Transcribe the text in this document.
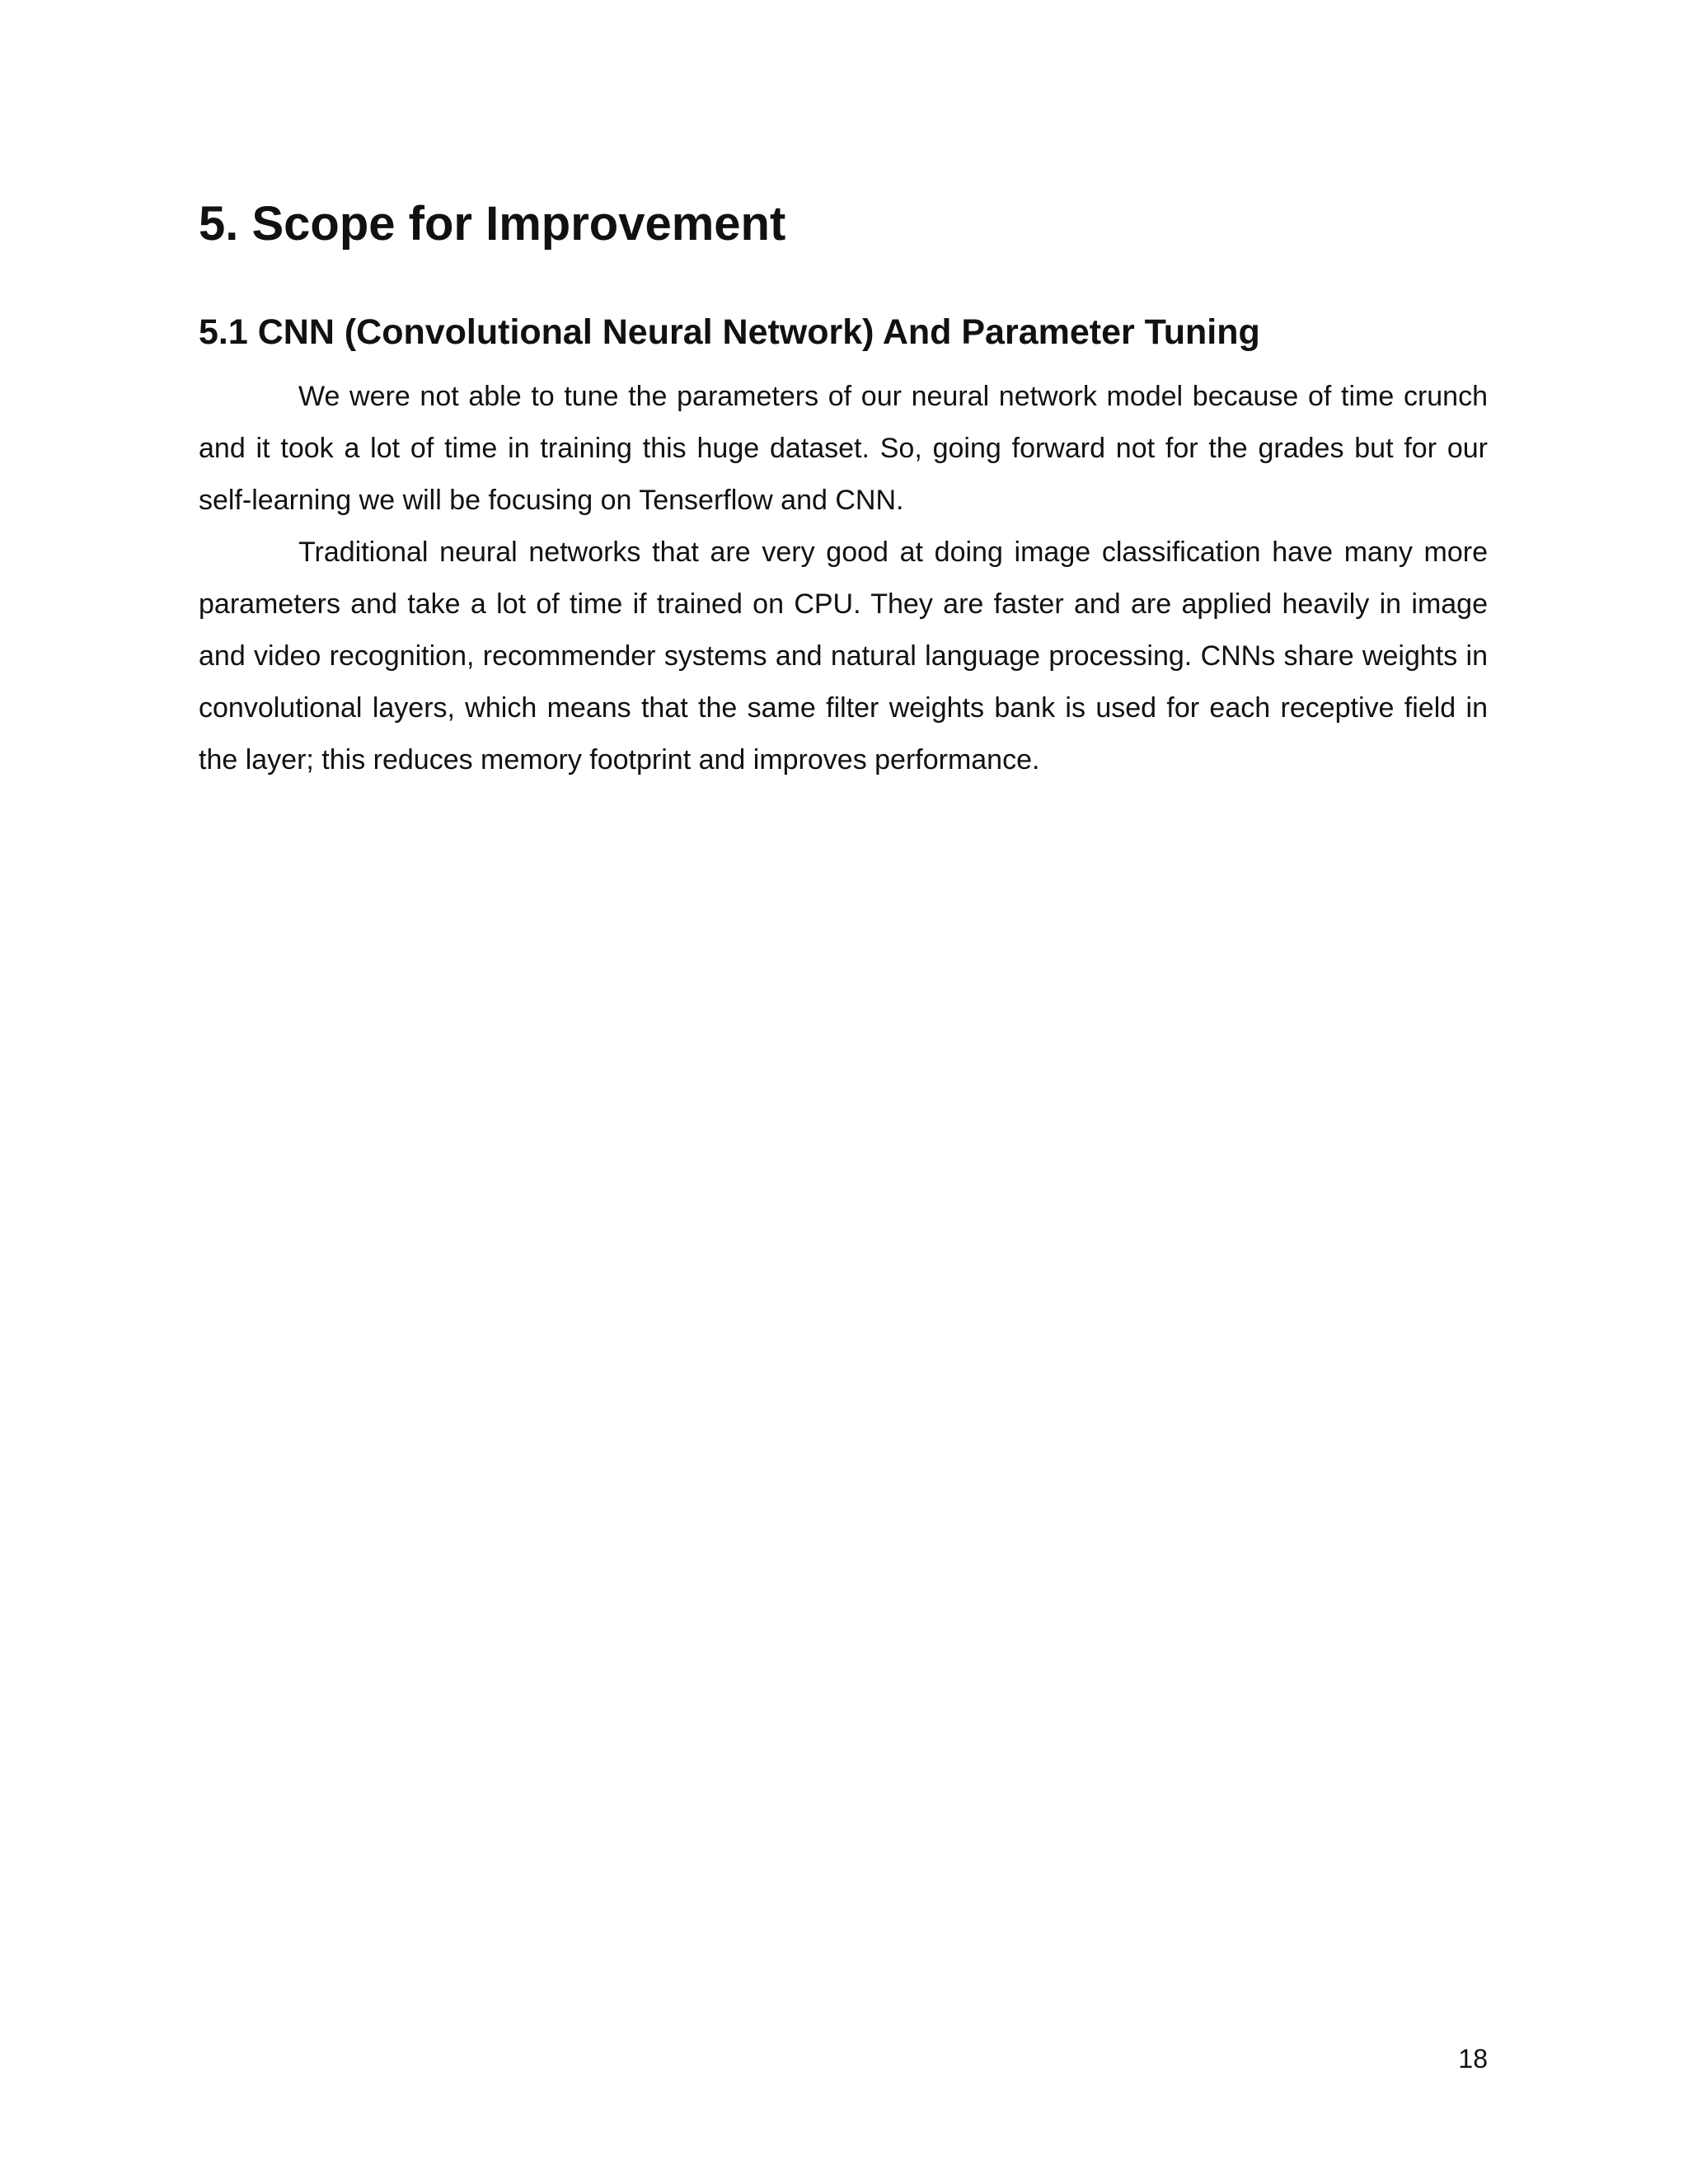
5. Scope for Improvement
5.1 CNN (Convolutional Neural Network) And Parameter Tuning

We were not able to tune the parameters of our neural network model because of time crunch and it took a lot of time in training this huge dataset. So, going forward not for the grades but for our self-learning we will be focusing on Tenserflow and CNN.

Traditional neural networks that are very good at doing image classification have many more parameters and take a lot of time if trained on CPU. They are faster and are applied heavily in image and video recognition, recommender systems and natural language processing. CNNs share weights in convolutional layers, which means that the same filter weights bank is used for each receptive field in the layer; this reduces memory footprint and improves performance.

18
